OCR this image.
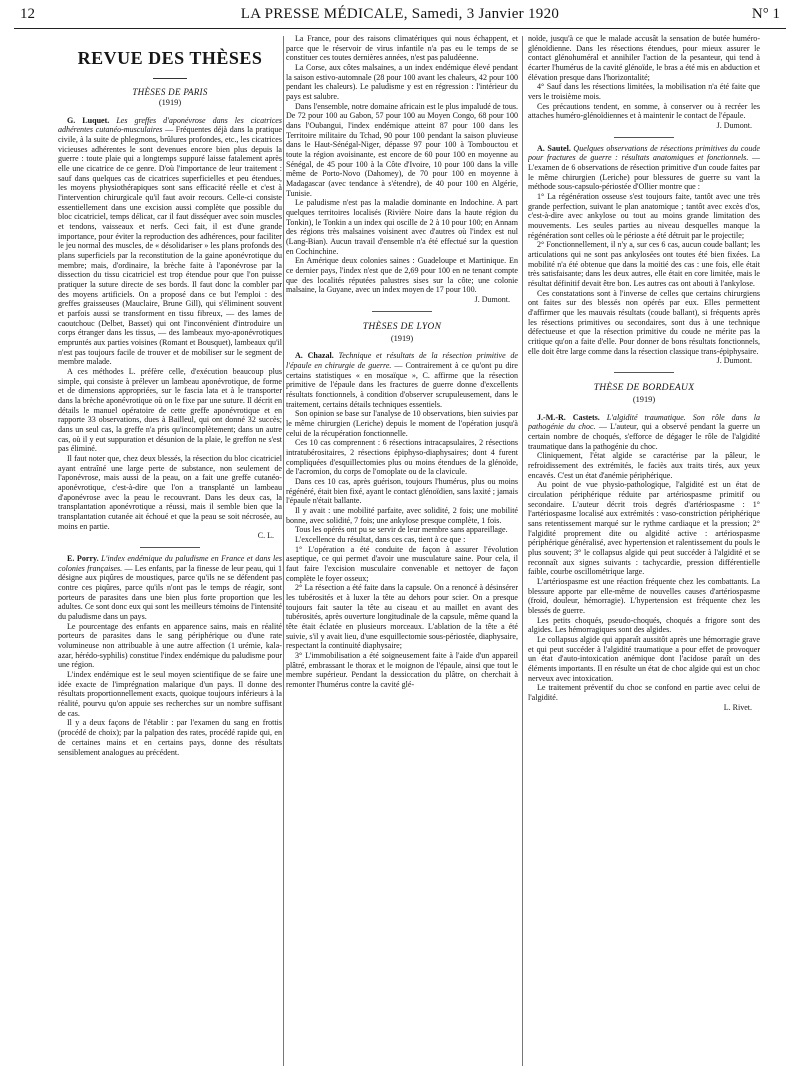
12	LA PRESSE MÉDICALE, Samedi, 3 Janvier 1920	N° 1
REVUE DES THÈSES
THÈSES DE PARIS
(1919)

G. Luquet. Les greffes d'aponévrose dans les cicatrices adhérentes cutanéo-musculaires — Fréquentes déjà dans la pratique civile, à la suite de phlegmons, brûlures profondes, etc., les cicatrices vicieuses adhérentes le sont devenues encore bien plus depuis la guerre : toute plaie qui a longtemps suppuré laisse fatalement après elle une cicatrice de ce genre. D'où l'importance de leur traitement : sauf dans quelques cas de cicatrices superficielles et peu étendues, les moyens physiothérapiques sont sans efficacité réelle et c'est à l'intervention chirurgicale qu'il faut avoir recours. Celle-ci consiste essentiellement dans une excision aussi complète que possible du bloc cicatriciel, temps délicat, car il faut disséquer avec soin muscles et tendons, vaisseaux et nerfs. Ceci fait, il est d'une grande importance, pour éviter la reproduction des adhérences, pour faciliter le jeu normal des muscles, de « désolidariser » les plans profonds des plans superficiels par la reconstitution de la gaine aponévrotique du membre; mais, d'ordinaire, la brèche faite à l'aponévrose par la dissection du tissu cicatriciel est trop étendue pour que l'on puisse pratiquer la suture directe de ses bords. Il faut donc la combler par des moyens artificiels. On a proposé dans ce but l'emploi : des greffes graisseuses (Mauclaire, Brune Gill), qui s'éliminent souvent et parfois aussi se transforment en tissu fibreux, — des lames de caoutchouc (Delbet, Basset) qui ont l'inconvénient d'introduire un corps étranger dans les tissus, — des lambeaux myo-aponévrotiques empruntés aux parties voisines (Romant et Bousquet), lambeaux qu'il n'est pas toujours facile de trouver et de mobiliser sur le segment de membre malade.

A ces méthodes L. préfère celle, d'exécution beaucoup plus simple, qui consiste à prélever un lambeau aponévrotique, de forme et de dimensions appropriées, sur le fascia lata et à le transporter dans la brèche aponévrotique où on le fixe par une suture. Il décrit en détails le manuel opératoire de cette greffe aponévrotique et en rapporte 33 observations, dues à Bailleul, qui ont donné 32 succès; dans un seul cas, la greffe n'a pris qu'incomplètement; dans un autre cas, où il y eut suppuration et désunion de la plaie, le greffon ne s'est pas éliminé.

Il faut noter que, chez deux blessés, la résection du bloc cicatriciel ayant entraîné une large perte de substance, non seulement de l'aponévrose, mais aussi de la peau, on a fait une greffe cutanéo-aponévrotique, c'est-à-dire que l'on a transplanté un lambeau d'aponévrose avec la peau le recouvrant. Dans les deux cas, la transplantation aponévrotique a réussi, mais il semble bien que la transplantation cutanée ait échoué et que la peau se soit nécrosée, au moins en partie.

C. L.

E. Porry. L'index endémique du paludisme en France et dans les colonies françaises. — Les enfants, par la finesse de leur peau, qui 1 désigne aux piqûres de moustiques, parce qu'ils ne se défendent pas contre ces piqûres, parce qu'ils n'ont pas le temps de réagir, sont porteurs de parasites dans une bien plus forte proportion que les adultes. Ce sont donc eux qui sont les meilleurs témoins de l'intensité du paludisme dans un pays.

Le pourcentage des enfants en apparence sains, mais en réalité porteurs de parasites dans le sang périphérique ou d'une rate volumineuse non attribuable à une autre affection (1 urémie, kala-azar, hérédo-syphilis) constitue l'index endémique du paludisme pour une région.

L'index endémique est le seul moyen scientifique de se faire une idée exacte de l'imprégnation malarique d'un pays. Il donne des résultats proportionnellement exacts, quoique toujours inférieurs à la réalité, pourvu qu'on appuie ses recherches sur un nombre suffisant de cas.

Il y a deux façons de l'établir : par l'examen du sang en frottis (procédé de choix); par la palpation des rates, procédé rapide qui, en de certaines mains et en certains pays, donne des résultats sensiblement analogues au précédent.

La France, pour des raisons climatériques qui nous échappent, et parce que le réservoir de virus infantile n'a pas eu le temps de se constituer ces toutes dernières années, n'est pas paludéenne.

La Corse, aux côtes malsaines, a un index endémique élevé pendant la saison estivo-automnale (28 pour 100 avant les chaleurs, 42 pour 100 pendant les chaleurs). Le paludisme y est en régression : l'intérieur du pays est salubre.

Dans l'ensemble, notre domaine africain est le plus impaludé de tous. De 72 pour 100 au Gabon, 57 pour 100 au Moyen Congo, 68 pour 100 dans l'Oubangui, l'index endémique atteint 87 pour 100 dans les Territoire militaire du Tchad, 90 pour 100 pendant la saison pluvieuse dans le Haut-Sénégal-Niger, dépasse 97 pour 100 à Tombouctou et toute la région avoisinante, est encore de 60 pour 100 en moyenne au Sénégal, de 45 pour 100 à la Côte d'Ivoire, 10 pour 100 dans la ville même de Porto-Novo (Dahomey), de 70 pour 100 en moyenne à Madagascar (avec tendance à s'étendre), de 40 pour 100 en Algérie, Tunisie.

Le paludisme n'est pas la maladie dominante en Indochine. A part quelques territoires localisés (Rivière Noire dans la haute région du Tonkin), le Tonkin a un index qui oscille de 2 à 10 pour 100; en Annam des régions très malsaines voisinent avec d'autres où l'index est nul (Lang-Bian). Aucun travail d'ensemble n'a été effectué sur la question en Cochinchine.

En Amérique deux colonies saines : Guadeloupe et Martinique. En ce dernier pays, l'index n'est que de 2,69 pour 100 en ne tenant compte que des localités réputées palustres sises sur la côte; une colonie malsaine, la Guyane, avec un index moyen de 17 pour 100.

J. Dumont.
THÈSES DE LYON
(1919)

A. Chazal. Technique et résultats de la résection primitive de l'épaule en chirurgie de guerre. — Contrairement à ce qu'ont pu dire certains statistiques « en mosaïque », C. affirme que la résection primitive de l'épaule dans les fractures de guerre donne d'excellents résultats fonctionnels, à condition d'observer scrupuleusement, dans le traitement, certains détails techniques essentiels.

Son opinion se base sur l'analyse de 10 observations, bien suivies par le même chirurgien (Leriche) depuis le moment de l'opération jusqu'à celui de la récupération fonctionnelle.

Ces 10 cas comprennent : 6 résections intracapsulaires, 2 résections intratubérositaires, 2 résections épiphyso-diaphysaires; dont 4 furent compliquées d'esquillectomies plus ou moins étendues de la glénoïde, de l'acromion, du corps de l'omoplate ou de la clavicule.

Dans ces 10 cas, après guérison, toujours l'humérus, plus ou moins régénéré, était bien fixé, ayant le contact glénoïdien, sans laxité ; jamais l'épaule n'était ballante.

Il y avait : une mobilité parfaite, avec solidité, 2 fois; une mobilité bonne, avec solidité, 7 fois; une ankylose presque complète, 1 fois.

Tous les opérés ont pu se servir de leur membre sans appareillage.

L'excellence du résultat, dans ces cas, tient à ce que :

1° L'opération a été conduite de façon à assurer l'évolution aseptique, ce qui permet d'avoir une musculature saine. Pour cela, il faut faire l'excision musculaire convenable et nettoyer de façon complète le foyer osseux;

2° La résection a été faite dans la capsule. On a renoncé à désinsérer les tubérosités et à luxer la tête au dehors pour scier. On a presque toujours fait sauter la tête au ciseau et au maillet en avant des tubérosités, après ouverture longitudinale de la capsule, même quand la tête était éclatée en plusieurs morceaux. L'ablation de la tête a été suivie, s'il y avait lieu, d'une esquillectomie sous-périostée, diaphysaire, respectant la continuité diaphysaire;

3° L'immobilisation a été soigneusement faite à l'aide d'un appareil plâtré, embrassant le thorax et le moignon de l'épaule, ainsi que tout le membre supérieur. Pendant la dessiccation du plâtre, on cherchait à remonter l'humérus contre la cavité glé-

noïde, jusqu'à ce que le malade accusât la sensation de butée huméro-glénoïdienne. Dans les résections étendues, pour mieux assurer le contact glénohuméral et annihiler l'action de la pesanteur, qui tend à écarter l'humérus de la cavité glénoïde, le bras a été mis en abduction et élévation presque dans l'horizontalité;

4° Sauf dans les résections limitées, la mobilisation n'a été faite que vers le troisième mois.

Ces précautions tendent, en somme, à conserver ou à recréer les attaches huméro-glénoïdiennes et à maintenir le contact de l'épaule.

J. Dumont.

A. Sautel. Quelques observations de résections primitives du coude pour fractures de guerre : résultats anatomiques et fonctionnels. — L'examen de 6 observations de résection primitive d'un coude faites par le même chirurgien (Leriche) pour blessures de guerre su vant la méthode sous-capsulo-périostée d'Ollier montre que :

1° La régénération osseuse s'est toujours faite, tantôt avec une très grande perfection, suivant le plan anatomique ; tantôt avec excès d'os, c'est-à-dire avec ankylose ou tout au moins grande limitation des mouvements. Les seules parties au niveau desquelles manque la régénération sont celles où le périoste a été détruit par le projectile;

2° Fonctionnellement, il n'y a, sur ces 6 cas, aucun coude ballant; les articulations qui ne sont pas ankylosées ont toutes été bien fixées. La mobilité n'a été obtenue que dans la moitié des cas : une fois, elle était très satisfaisante; dans les deux autres, elle était en core limitée, mais le résultat définitif devait être bon. Les autres cas ont abouti à l'ankylose.

Ces constatations sont à l'inverse de celles que certains chirurgiens ont faites sur des blessés non opérés par eux. Elles permettent d'affirmer que les mauvais résultats (coude ballant), si fréquents après les résections primitives ou secondaires, sont dus à une technique défectueuse et que la résection primitive du coude ne mérite pas la critique qu'on a faite d'elle. Pour donner de bons résultats fonctionnels, elle doit être large comme dans la résection classique trans-épiphysaire.

J. Dumont.
THÈSE DE BORDEAUX
(1919)

J.-M.-R. Castets. L'algidité traumatique. Son rôle dans la pathogénie du choc. — L'auteur, qui a observé pendant la guerre un certain nombre de choqués, s'efforce de dégager le rôle de l'algidité traumatique dans la pathogénie du choc.

Cliniquement, l'état algide se caractérise par la pâleur, le refroidissement des extrémités, le faciès aux traits tirés, aux yeux encavés. C'est un état d'anémie périphérique.

Au point de vue physio-pathologique, l'algidité est un état de circulation périphérique réduite par artériospasme primitif ou secondaire. L'auteur décrit trois degrés d'artériospasme : 1° l'artériospasme localisé aux extrémités : vaso-constriction périphérique sans retentissement marqué sur le rythme cardiaque et la pression; 2° l'algidité proprement dite ou algidité active : artériospasme périphérique généralisé, avec hypertension et ralentissement du pouls le plus souvent; 3° le collapsus algide qui peut succéder à l'algidité et se reconnaît aux signes suivants : tachycardie, pression différentielle faible, courbe oscillométrique large.

L'artériospasme est une réaction fréquente chez les combattants. La blessure apporte par elle-même de nouvelles causes d'artériospasme (froid, douleur, hémorragie). L'hypertension est fréquente chez les blessés de guerre.

Les petits choqués, pseudo-choqués, choqués a frigore sont des algides. Les hémorragiques sont des algides.

Le collapsus algide qui apparaît aussitôt après une hémorragie grave et qui peut succéder à l'algidité traumatique a pour effet de provoquer un état d'auto-intoxication anémique dont l'acidose paraît un des éléments importants. Il en résulte un état de choc algide qui est un choc nerveux avec intoxication.

Le traitement préventif du choc se confond en partie avec celui de l'algidité.

L. Rivet.
